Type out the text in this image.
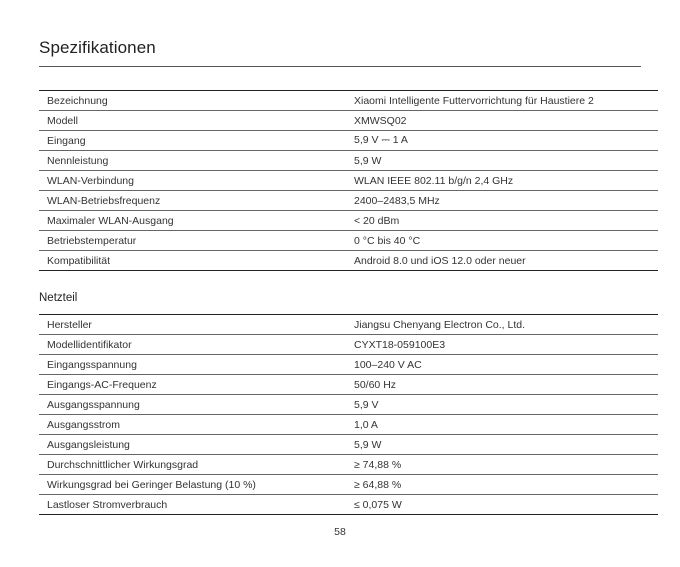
Spezifikationen
Bezeichnung	Xiaomi Intelligente Futtervorrichtung für Haustiere 2
Modell	XMWSQ02
Eingang	5,9 V ⎓ 1 A
Nennleistung	5,9 W
WLAN-Verbindung	WLAN IEEE 802.11 b/g/n 2,4 GHz
WLAN-Betriebsfrequenz	2400–2483,5 MHz
Maximaler WLAN-Ausgang	< 20 dBm
Betriebstemperatur	0 °C bis 40 °C
Kompatibilität	Android 8.0 und iOS 12.0 oder neuer
Netzteil
Hersteller	Jiangsu Chenyang Electron Co., Ltd.
Modellidentifikator	CYXT18-059100E3
Eingangsspannung	100–240 V AC
Eingangs-AC-Frequenz	50/60 Hz
Ausgangsspannung	5,9 V
Ausgangsstrom	1,0 A
Ausgangsleistung	5,9 W
Durchschnittlicher Wirkungsgrad	≥ 74,88 %
Wirkungsgrad bei Geringer Belastung (10 %)	≥ 64,88 %
Lastloser Stromverbrauch	≤ 0,075 W
58
